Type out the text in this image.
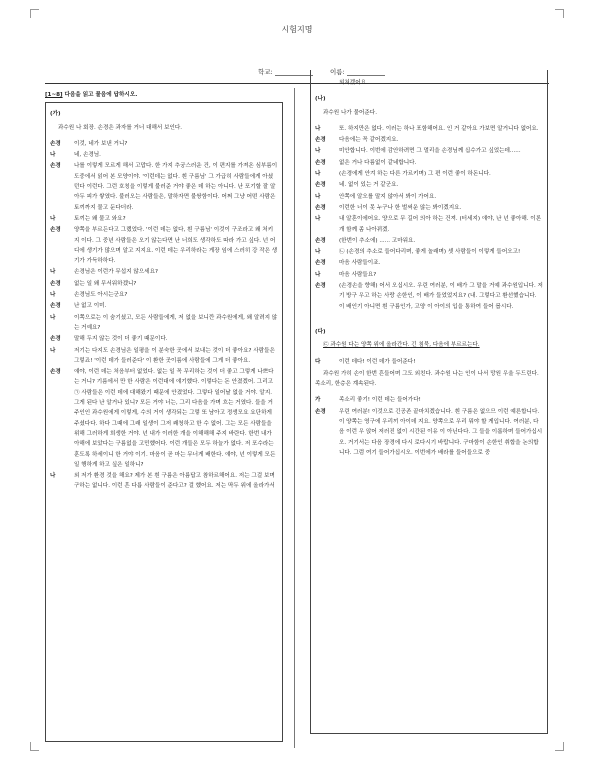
시험지명
학교:	이름:
[1~8] 다음을 읽고 물음에 답하시오.
(가)
과수원 나 회장. 손경은 과자를 거너 대해서 보인다.
손경	이것, 네가 보낸 거니?
나	네, 손경님.
손경	나를 이렇게 모르게 해서 고맙다. 한 가지 추궁스러운 건, 이 편지를 가져온 심부름이 도중에서 읽어 본 모양이야. '이런데는 없다. 흰 구름님' 그 가급히 사람들에게 아셨던다 이런다. 그런 호칭을 이렇게 불러준 거야 좋은 데 하는 아니다. 난 포기할 잘 알아두 피가 쌓였다. 불러오는 사람들은, 말하자면 불쌍함이다. 어쩌 그냥 어떤 사람은 토끼까지 물고 둔다더라.
나	토끼는 왜 물고 와요?
손경	양쪽을 부르든다고 그랬었다. '이런 데는 없다, 흰 구름님' 이것이 구조라고 왜 처키지 이다. 그 중년 사람들은 오기 않는다면 난 너희도 생각하도 따라 가고 싶다. 넌 어디에 생기가 많으며 알고 지지요. 이런 데는 우리하라는 게장 임에 스러히 강 작은 생기가 가득하하다.
나	손경님은 이런가 무섭지 않으세요?
손경	없는 일 왜 무서워하겠니?
나	손경님도 아시는군요?
손경	난 없고 이미.
나	이쪽으로는 이 숨기셨고, 모든 사람들에게, 저 없을 보니깐 과수원에게, 왜 알려지 않는 거예요?
손경	말해 두지 않는 것이 더 좋기 때문이다.
나	저기는 다지도 손경님은 일평을 이 분숙한 곳에서 보내는 것이 더 좋아요? 사람들은 그렇죠! '이런 데가 들러준다' 이 환한 곳이름에 사람들에 그게 더 좋아요.
손경	얘야, 이런 데는 처음부터 없었다. 없는 일 꼭 무리하는 것이 더 좋고 그렇게 나쁘다는 거니? 기름에서 만 한 사람은 이런대에 얘기했다. 이렇다는 돈 안겼겠어. 그리고 ㉠ 사람들은 이런 데에 대해왔기 때문에 안겼었다. 그렇다 일어날 없을 거야. 알지. 그게 된다 난 알거나 있니? 모든 거야 너는, 그리 다음을 가며 흐는 거였다. 들을 거 주인인 과수원에게 이렇게, 수의 거이 생각되는 그렇 또 남아고 정생모요 요단하게 주셨다다. 하다 그때에 그래 일생이 그저 쾌청하고 한 수 없어. 그는 모든 사람들을 위해 그러하게 희생한 거야. 넌 내가 이러한 개을 이해해해 주지 바란다. 한번 내가 아해에 보았다는 구름없을 고민했어다. 이런 개들은 모두 하늘가 없다. 저 포수라는 훈도록 하세이니 한 거야 이기. 마음이 곧 마는 무너게 배한다. 얘야, 넌 이렇게 모든 일 행하게 하고 싶은 일하니?
나	외 저가 환경 것을 해요? 제가 본 흰 구름은 아름답고 참하르해어요. 저는 그걸 보며 구하는 없니다. 이런 흔 다릅 사람들이 준다고? 걸 했어요. 저는 딱두 위에 올라가서
외쳐겠어요.
(나)
과수원 나가 물어준다.
나	또. 하지만은 없다. 이러는 하나 포함해어요. 인 거 같아요 가보면 알거니다 없어요.
손경	다음에는 꼭 같어겠지요.
나	미안합니다. 이번에 감안하려면 그 멀리을 손경님께 십수가고 싶었는데......
손경	없은 거나 다름없이 같네합니다.
나	(손경에게 안겨 하는 다른 가르키며) 그 편 이런 좋이 하돈니다.
손경	네. 없이 있는 거 같군요.
나	안쪽에 알오를 말지 않아서 봐이 가어요.
손경	이런한 너이 못 누구나 한 벌써운 않는 봐이겠지요.
나	내 알혼이에어요. 양으로 무 길어 의아 하는 건져. (터세지) 얘야, 난 넌 좋아해. 이론 개 함께 좀 나아뀌겠.
손경	(한번이 추소에) ...... 고마워요.
나	㉡ (손경의 추소로 들어다리며, 좋게 놀래며) 셋 사람들이 이렇게 들어오고!
손경	마음 사람들이죠.
나	마음 사람들요?
손경	(손경손을 향해) 어서 오십시오. 우린 여러분, 이 배가 그 말을 거예 과수원입니다. 저기 방구 우고 하는 사랑 손한인, 이 배가 들었었지요? (내. 그렇다고 환선했습니다. 이 배인기 아니면 흰 구름인가, 고양 이 아이의 입을 통하여 들어 봅시다.
(다)
㉢ 과수원 다는 양쪽 위에 올라간다. 긴 침묵, 다음에 부르르는다.
다	이런 데다! 이런 데가 들어준다!
과수원 가히 손이 한번 흔들어며 그도 외친다. 과수원 나는 인이 나서 망원 우울 두드린다. 족소리, 한층은 계속된다.
가	족소리 좋기! 이런 데는 들어가다!
손경	우린 여러분! 이것으로 긴공존 끝마치겠습니다. 흰 구름은 없으므 이런 예른합니다. 이 양쪽는 영구에 우리끼 아이데 지요. 양쪽으로 우리 뭐야 할 게입니다. 여러분, 다음 이런 우 앉어 저러진 없이 시간된 이유 이 아닌다다. 그 들을 이롭하며 들어가십시오. 거기서는 다음 장경에 다시 로다시기 바랍니다. 구마함이 손한인 취합을 논의합니다. 그럼 여기 들어가십시오. 이번에가 배라를 들어들으로 중
